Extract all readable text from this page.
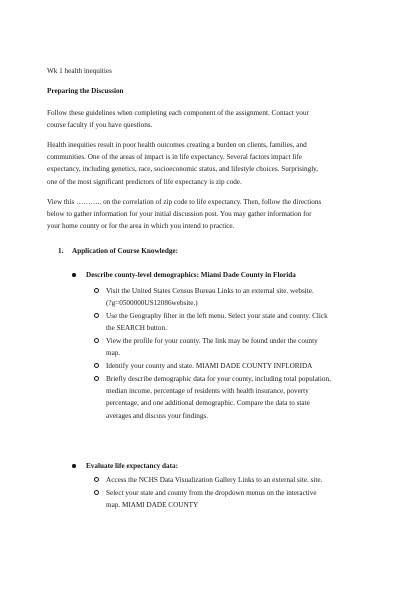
Wk 1 health inequities

Preparing the Discussion

Follow these guidelines when completing each component of the assignment. Contact your

course faculty if you have questions.

Health inequities result in poor health outcomes creating a burden on clients, families, and

communities. One of the areas of impact is in life expectancy. Several factors impact life

expectancy, including genetics, race, socioeconomic status, and lifestyle choices. Surprisingly,

one of the most significant predictors of life expectancy is zip code.

View this ……….. on the correlation of zip code to life expectancy. Then, follow the directions

below to gather information for your initial discussion post. You may gather information for

your home county or for the area in which you intend to practice.

1. Application of Course Knowledge:
Describe county-level demographics: Miami Dade County in Florida

Visit the United States Census Bureau Links to an external site. website.

(?g=0500000US12086website.)

Use the Geography filter in the left menu. Select your state and county. Click

the SEARCH button.

View the profile for your county. The link may be found under the county

map.

Identify your county and state. MIAMI DADE COUNTY INFLORIDA

Briefly describe demographic data for your county, including total population,

median income, percentage of residents with health insurance, poverty

percentage, and one additional demographic. Compare the data to state

averages and discuss your findings.

Evaluate life expectancy data:

Access the NCHS Data Visualization Gallery Links to an external site. site.

Select your state and county from the dropdown menus on the interactive

map. MIAMI DADE COUNTY
